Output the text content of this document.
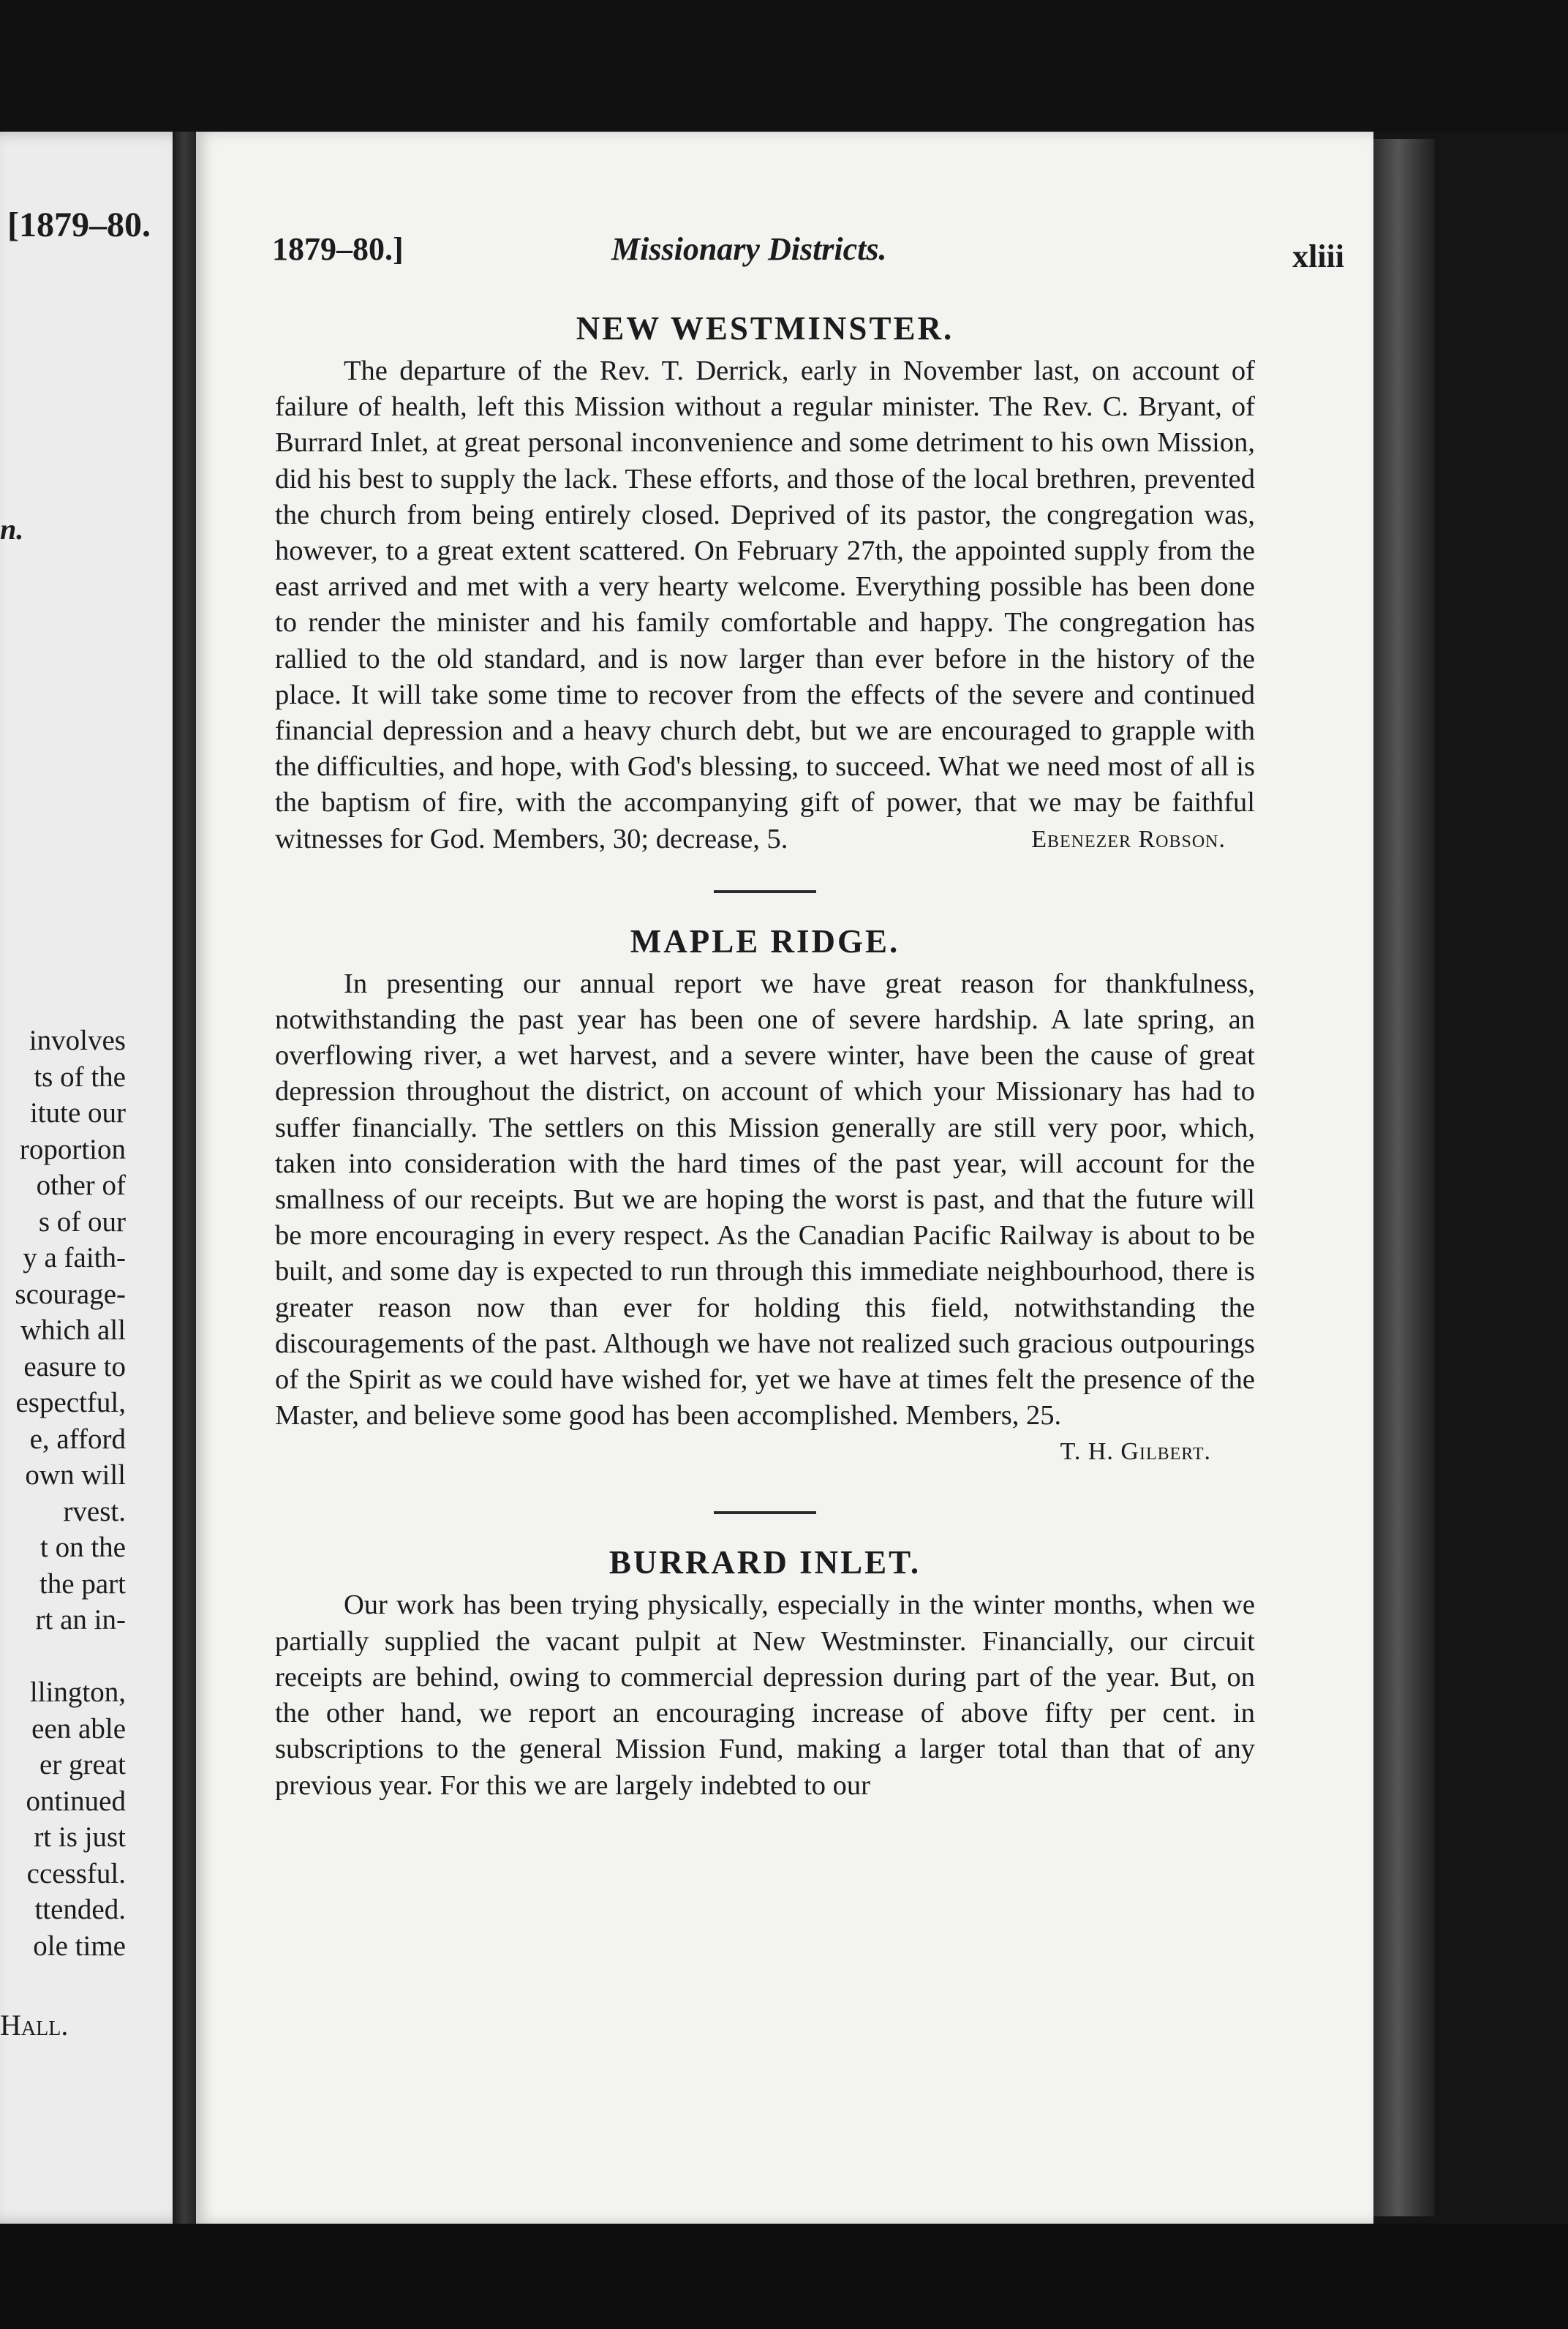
[1879–80.
n.
involves
ts of the
itute our
roportion
other of
s of our
y a faith-
scourage-
which all
easure to
espectful,
e, afford
own will
rvest.
t on the
the part
rt an in-
llington,
een able
er great
ontinued
rt is just
ccessful.
ttended.
ole time
Hall.
1879–80.]	Missionary Districts.	xliii
NEW WESTMINSTER.

The departure of the Rev. T. Derrick, early in November last, on account of failure of health, left this Mission without a regular minister. The Rev. C. Bryant, of Burrard Inlet, at great personal inconvenience and some detriment to his own Mission, did his best to supply the lack. These efforts, and those of the local brethren, prevented the church from being entirely closed. Deprived of its pastor, the congregation was, however, to a great extent scattered. On February 27th, the appointed supply from the east arrived and met with a very hearty welcome. Everything possible has been done to render the minister and his family comfortable and happy. The congregation has rallied to the old standard, and is now larger than ever before in the history of the place. It will take some time to recover from the effects of the severe and continued financial depression and a heavy church debt, but we are encouraged to grapple with the difficulties, and hope, with God's blessing, to succeed. What we need most of all is the baptism of fire, with the accompanying gift of power, that we may be faithful witnesses for God. Members, 30; decrease, 5.	Ebenezer Robson.

MAPLE RIDGE.

In presenting our annual report we have great reason for thankfulness, notwithstanding the past year has been one of severe hardship. A late spring, an overflowing river, a wet harvest, and a severe winter, have been the cause of great depression throughout the district, on account of which your Missionary has had to suffer financially. The settlers on this Mission generally are still very poor, which, taken into consideration with the hard times of the past year, will account for the smallness of our receipts. But we are hoping the worst is past, and that the future will be more encouraging in every respect. As the Canadian Pacific Railway is about to be built, and some day is expected to run through this immediate neighbourhood, there is greater reason now than ever for holding this field, notwithstanding the discouragements of the past. Although we have not realized such gracious outpourings of the Spirit as we could have wished for, yet we have at times felt the presence of the Master, and believe some good has been accomplished. Members, 25.

T. H. Gilbert.

BURRARD INLET.

Our work has been trying physically, especially in the winter months, when we partially supplied the vacant pulpit at New Westminster. Financially, our circuit receipts are behind, owing to commercial depression during part of the year. But, on the other hand, we report an encouraging increase of above fifty per cent. in subscriptions to the general Mission Fund, making a larger total than that of any previous year. For this we are largely indebted to our
